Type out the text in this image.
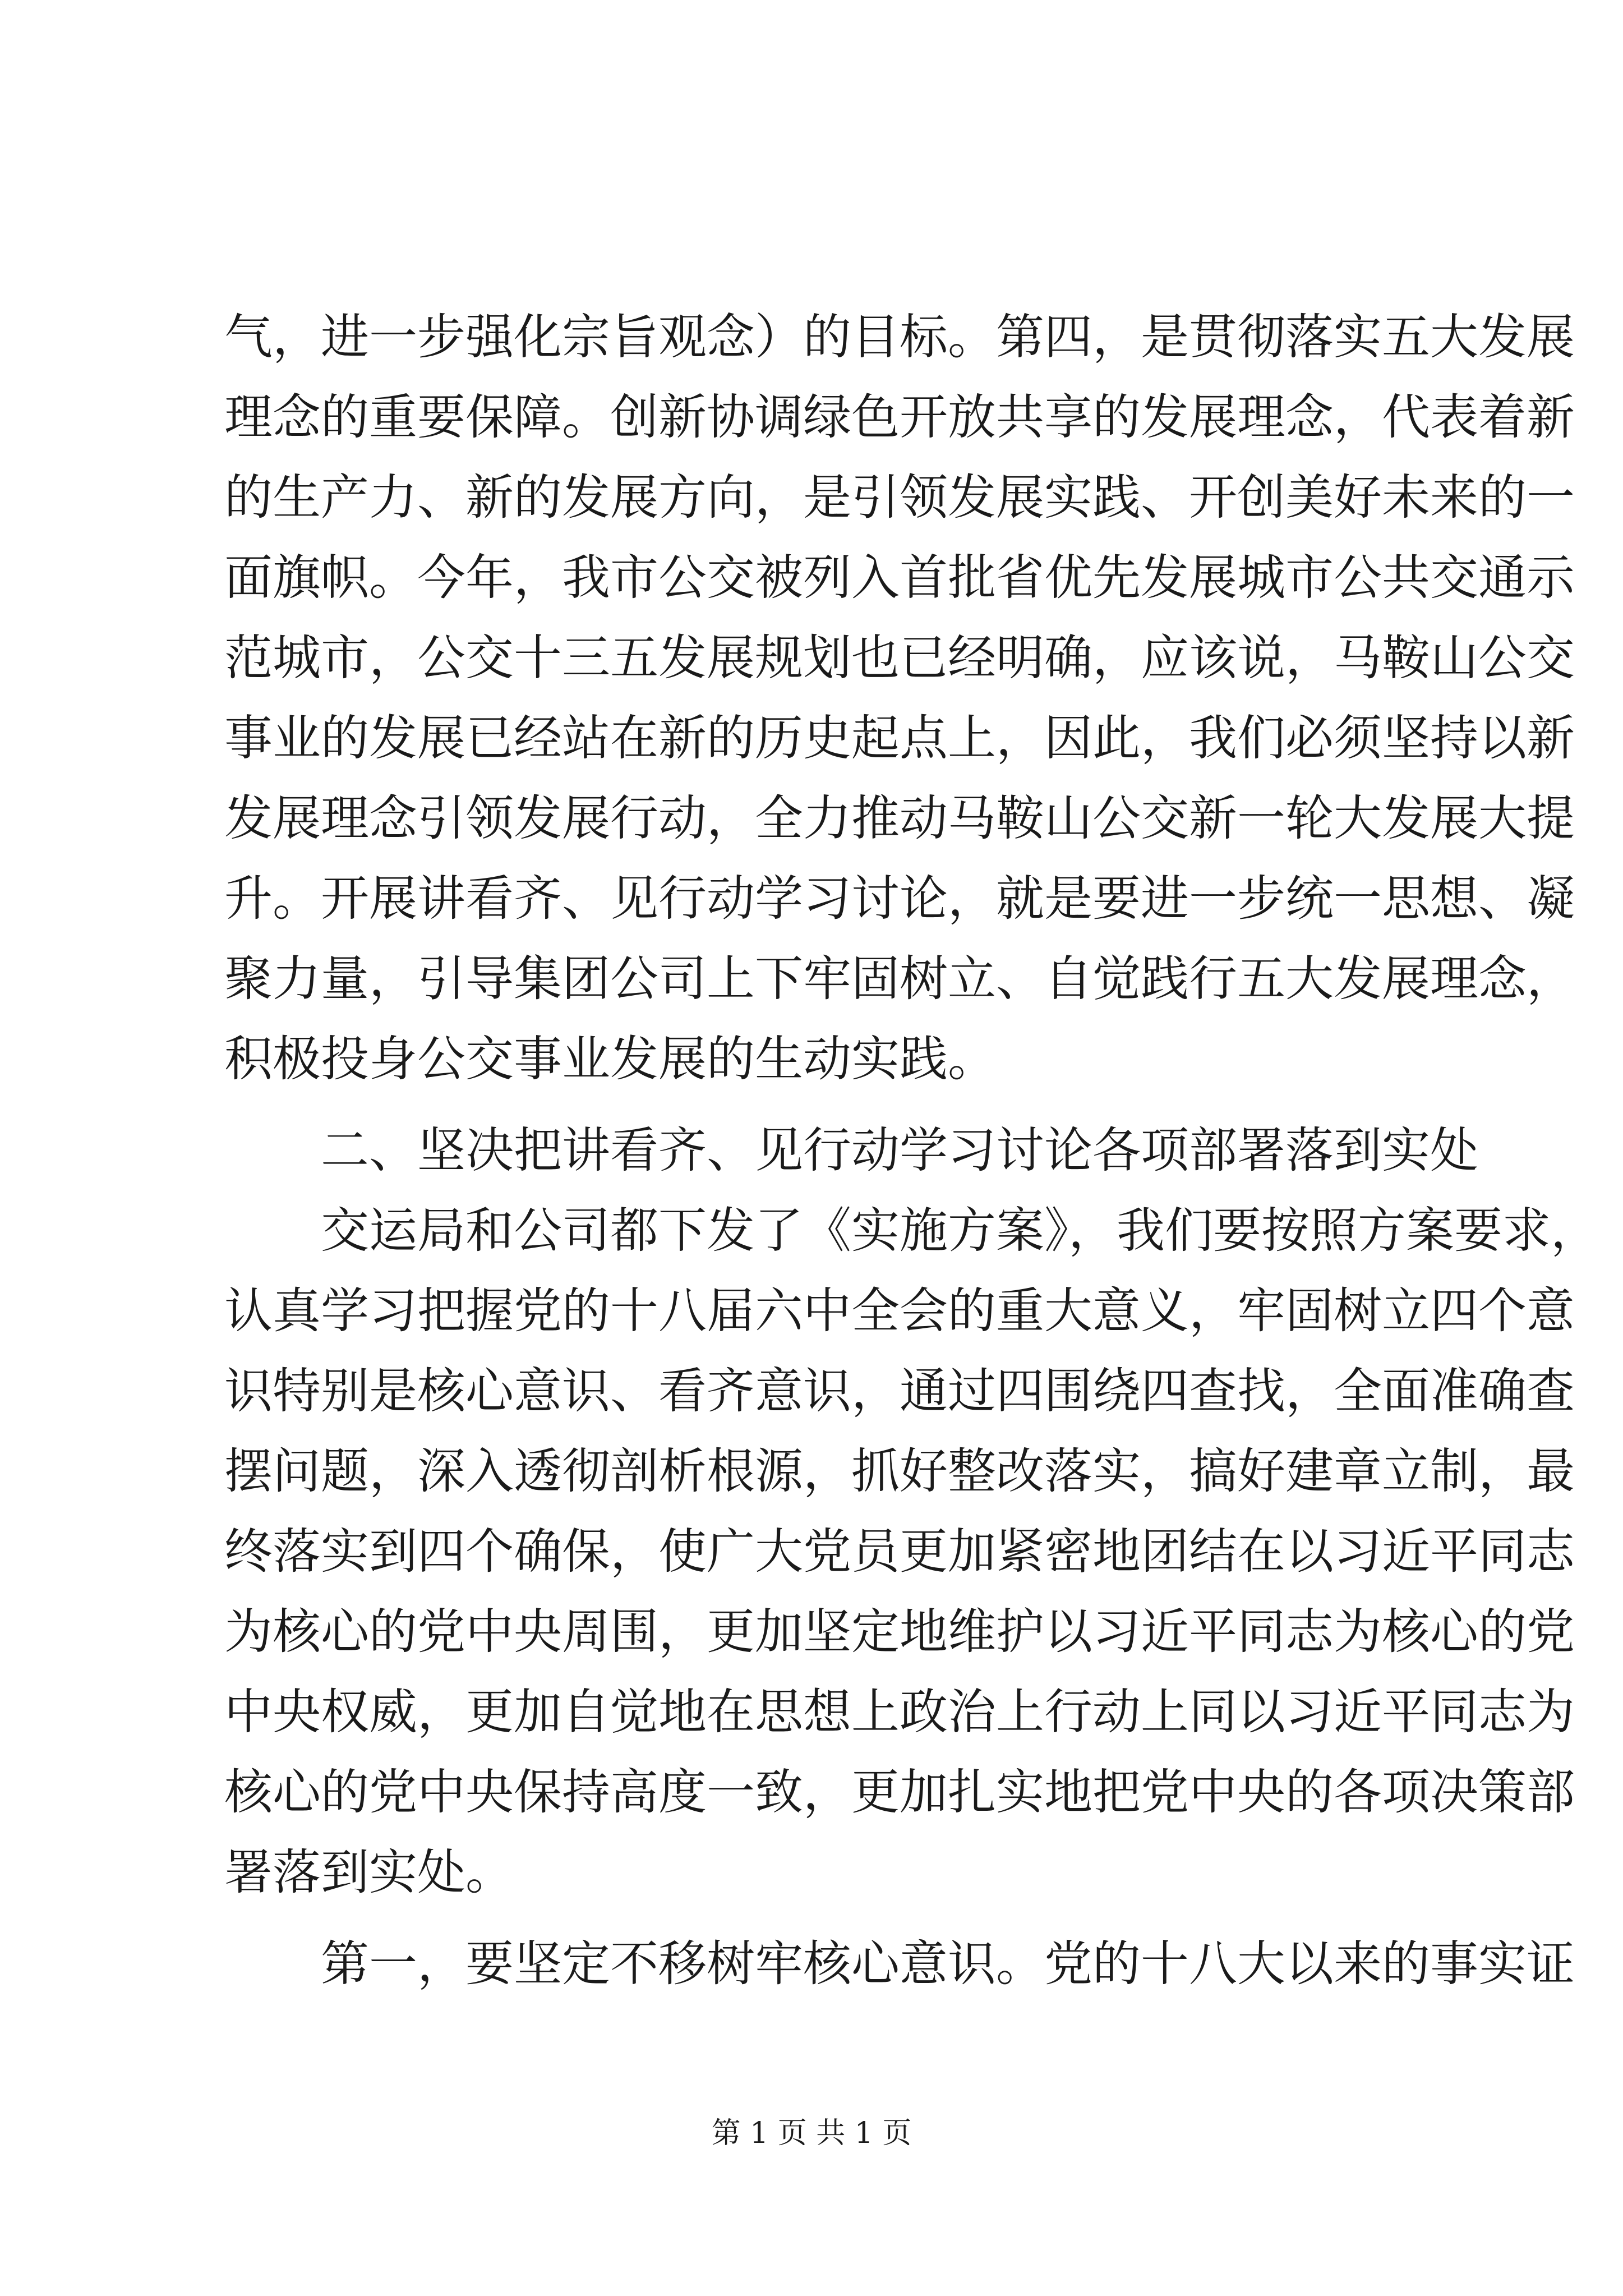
气，进一步强化宗旨观念）的目标。第四，是贯彻落实五大发展
理念的重要保障。创新协调绿色开放共享的发展理念，代表着新
的生产力、新的发展方向，是引领发展实践、开创美好未来的一
面旗帜。今年，我市公交被列入首批省优先发展城市公共交通示
范城市，公交十三五发展规划也已经明确，应该说，马鞍山公交
事业的发展已经站在新的历史起点上，因此，我们必须坚持以新
发展理念引领发展行动，全力推动马鞍山公交新一轮大发展大提
升。开展讲看齐、见行动学习讨论，就是要进一步统一思想、凝
聚力量，引导集团公司上下牢固树立、自觉践行五大发展理念，
积极投身公交事业发展的生动实践。
二、坚决把讲看齐、见行动学习讨论各项部署落到实处
交运局和公司都下发了《实施方案》，我们要按照方案要求，
认真学习把握党的十八届六中全会的重大意义，牢固树立四个意
识特别是核心意识、看齐意识，通过四围绕四查找，全面准确查
摆问题，深入透彻剖析根源，抓好整改落实，搞好建章立制，最
终落实到四个确保，使广大党员更加紧密地团结在以习近平同志
为核心的党中央周围，更加坚定地维护以习近平同志为核心的党
中央权威，更加自觉地在思想上政治上行动上同以习近平同志为
核心的党中央保持高度一致，更加扎实地把党中央的各项决策部
署落到实处。
第一，要坚定不移树牢核心意识。党的十八大以来的事实证
第 1 页 共 1 页
